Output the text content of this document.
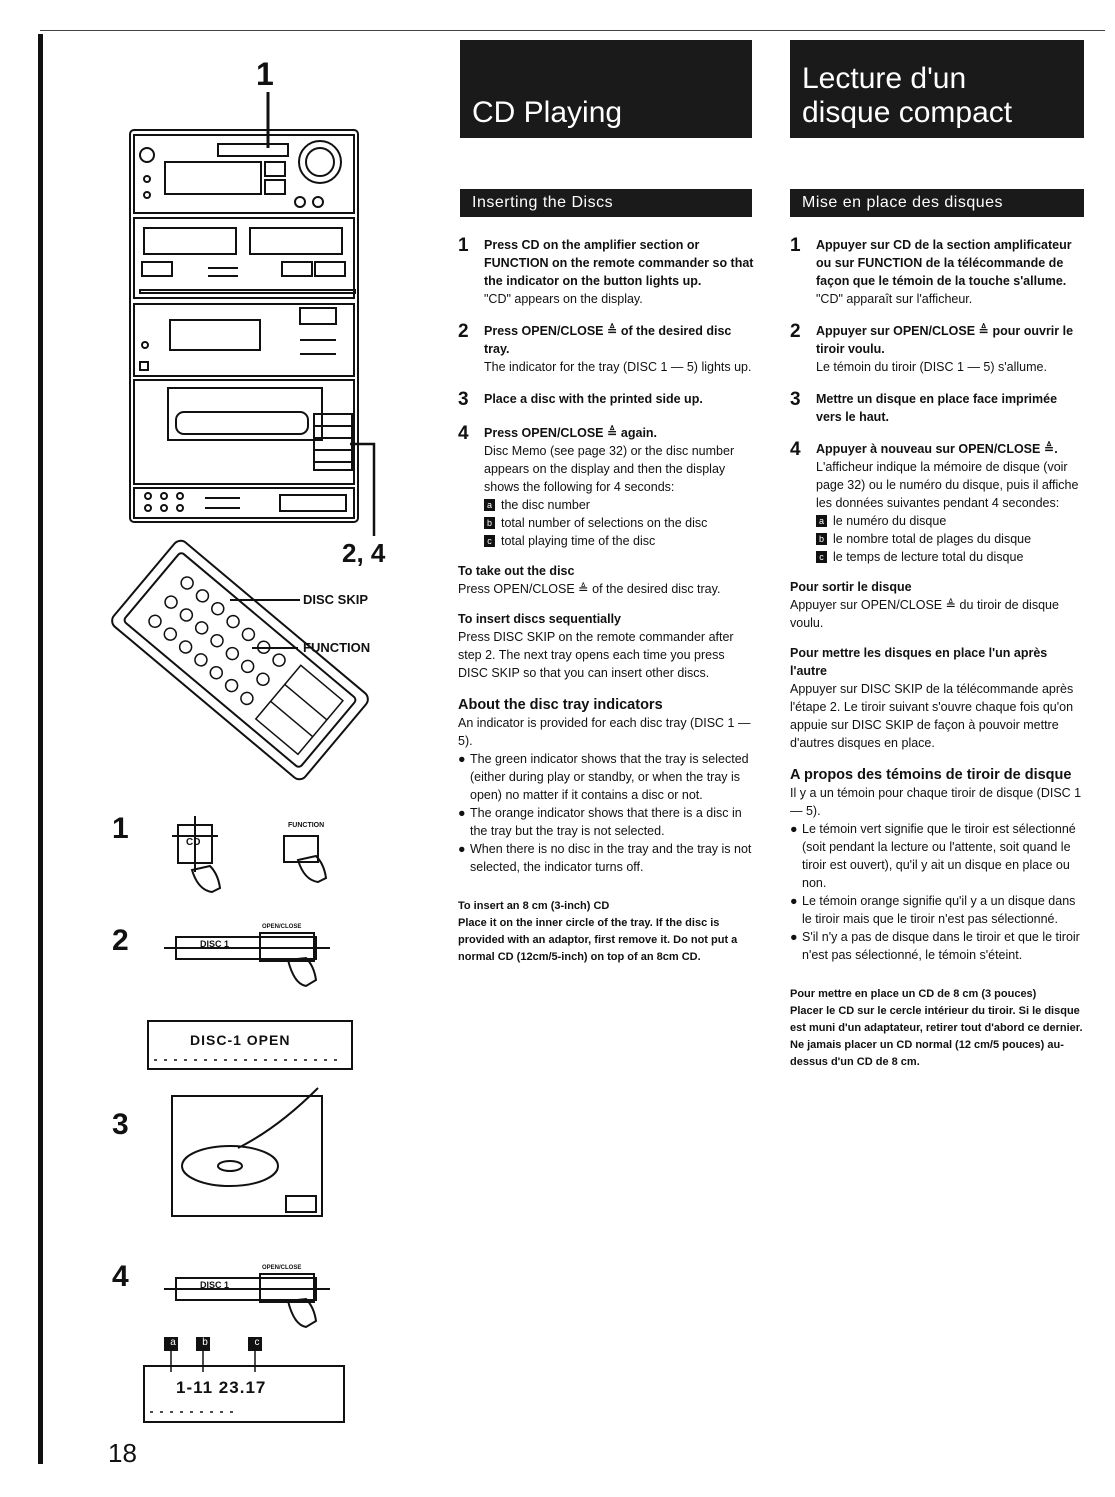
1
2, 4
DISC SKIP
FUNCTION
1
2
3
4
CD
FUNCTION
DISC 1
OPEN/CLOSE
DISC 1
OPEN/CLOSE
DISC-1 OPEN
1-11 23.17
a	b	c
18
CD Playing
Inserting the Discs
1	Press CD on the amplifier section or FUNCTION on the remote commander so that the indicator on the button lights up.
"CD" appears on the display.
2	Press OPEN/CLOSE ≜ of the desired disc tray.
The indicator for the tray (DISC 1 — 5) lights up.
3	Place a disc with the printed side up.
4	Press OPEN/CLOSE ≜ again.
Disc Memo (see page 32) or the disc number appears on the display and then the display shows the following for 4 seconds:
a the disc number
b total number of selections on the disc
c total playing time of the disc
To take out the disc
Press OPEN/CLOSE ≜ of the desired disc tray.
To insert discs sequentially
Press DISC SKIP on the remote commander after step 2. The next tray opens each time you press DISC SKIP so that you can insert other discs.
About the disc tray indicators
An indicator is provided for each disc tray (DISC 1 — 5).
● The green indicator shows that the tray is selected (either during play or standby, or when the tray is open) no matter if it contains a disc or not.
● The orange indicator shows that there is a disc in the tray but the tray is not selected.
● When there is no disc in the tray and the tray is not selected, the indicator turns off.
To insert an 8 cm (3-inch) CD
Place it on the inner circle of the tray. If the disc is provided with an adaptor, first remove it. Do not put a normal CD (12cm/5-inch) on top of an 8cm CD.
Lecture d'un
disque compact
Mise en place des disques
1	Appuyer sur CD de la section amplificateur ou sur FUNCTION de la télécommande de façon que le témoin de la touche s'allume.
"CD" apparaît sur l'afficheur.
2	Appuyer sur OPEN/CLOSE ≜ pour ouvrir le tiroir voulu.
Le témoin du tiroir (DISC 1 — 5) s'allume.
3	Mettre un disque en place face imprimée vers le haut.
4	Appuyer à nouveau sur OPEN/CLOSE ≜.
L'afficheur indique la mémoire de disque (voir page 32) ou le numéro du disque, puis il affiche les données suivantes pendant 4 secondes:
a le numéro du disque
b le nombre total de plages du disque
c le temps de lecture total du disque
Pour sortir le disque
Appuyer sur OPEN/CLOSE ≜ du tiroir de disque voulu.
Pour mettre les disques en place l'un après l'autre
Appuyer sur DISC SKIP de la télécommande après l'étape 2. Le tiroir suivant s'ouvre chaque fois qu'on appuie sur DISC SKIP de façon à pouvoir mettre d'autres disques en place.
A propos des témoins de tiroir de disque
Il y a un témoin pour chaque tiroir de disque (DISC 1 — 5).
● Le témoin vert signifie que le tiroir est sélectionné (soit pendant la lecture ou l'attente, soit quand le tiroir est ouvert), qu'il y ait un disque en place ou non.
● Le témoin orange signifie qu'il y a un disque dans le tiroir mais que le tiroir n'est pas sélectionné.
● S'il n'y a pas de disque dans le tiroir et que le tiroir n'est pas sélectionné, le témoin s'éteint.
Pour mettre en place un CD de 8 cm (3 pouces)
Placer le CD sur le cercle intérieur du tiroir. Si le disque est muni d'un adaptateur, retirer tout d'abord ce dernier. Ne jamais placer un CD normal (12 cm/5 pouces) au-dessus d'un CD de 8 cm.
